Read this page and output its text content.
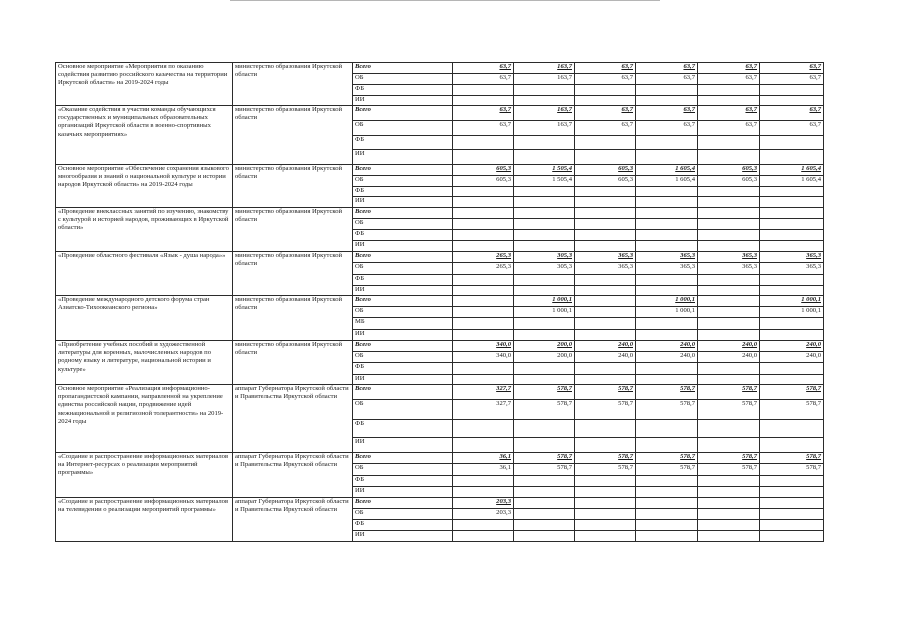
Основное мероприятие «Мероприятия по оказанию содействия развитию российского казачества на территории Иркутской области» на 2019-2024 годы	министерство образования Иркутской области	Всего	63,7	163,7	63,7	63,7	63,7	63,7
		ОБ	63,7	163,7	63,7	63,7	63,7	63,7
		ФБ						
		ИИ						
«Оказание содействия в участии команды обучающихся государственных и муниципальных образовательных организаций Иркутской области в военно-спортивных казачьих мероприятиях»	министерство образования Иркутской области	Всего	63,7	163,7	63,7	63,7	63,7	63,7
		ОБ	63,7	163,7	63,7	63,7	63,7	63,7
		ФБ						
		ИИ						
Основное мероприятие «Обеспечение сохранения языкового многообразия и знаний о национальной культуре и истории народов Иркутской области» на 2019-2024 годы	министерство образования Иркутской области	Всего	605,3	1 505,4	605,3	1 605,4	605,3	1 605,4
		ОБ	605,3	1 505,4	605,3	1 605,4	605,3	1 605,4
		ФБ						
		ИИ						
«Проведение внеклассных занятий по изучению, знакомству с культурой и историей народов, проживающих в Иркутской области»	министерство образования Иркутской области	Всего						
		ОБ						
		ФБ						
		ИИ						
«Проведение областного фестиваля «Язык - душа народа»»	министерство образования Иркутской области	Всего	265,3	305,3	365,3	365,3	365,3	365,3
		ОБ	265,3	305,3	365,3	365,3	365,3	365,3
		ФБ						
		ИИ						
«Проведение международного детского форума стран Азиатско-Тихоокеанского региона»	министерство образования Иркутской области	Всего		1 000,1		1 000,1		1 000,1
		ОБ		1 000,1		1 000,1		1 000,1
		МБ						
		ИИ						
«Приобретение учебных пособий и художественной литературы для коренных, малочисленных народов по родному языку и литературе, национальной истории и культуре»	министерство образования Иркутской области	Всего	340,0	200,0	240,0	240,0	240,0	240,0
		ОБ	340,0	200,0	240,0	240,0	240,0	240,0
		ФБ						
		ИИ						
Основное мероприятие «Реализация информационно-пропагандистской кампании, направленной на укрепление единства российской нации, продвижение идей межнациональной и религиозной толерантности» на 2019-2024 годы	аппарат Губернатора Иркутской области и Правительства Иркутской области	Всего	327,7	578,7	578,7	578,7	578,7	578,7
		ОБ	327,7	578,7	578,7	578,7	578,7	578,7
		ФБ						
		ИИ						
«Создание и распространение информационных материалов на Интернет-ресурсах о реализации мероприятий программы»	аппарат Губернатора Иркутской области и Правительства Иркутской области	Всего	36,1	578,7	578,7	578,7	578,7	578,7
		ОБ	36,1	578,7	578,7	578,7	578,7	578,7
		ФБ						
		ИИ						
«Создание и распространение информационных материалов на телевидении о реализации мероприятий программы»	аппарат Губернатора Иркутской области и Правительства Иркутской области	Всего	203,3					
		ОБ	203,3					
		ФБ						
		ИИ						
